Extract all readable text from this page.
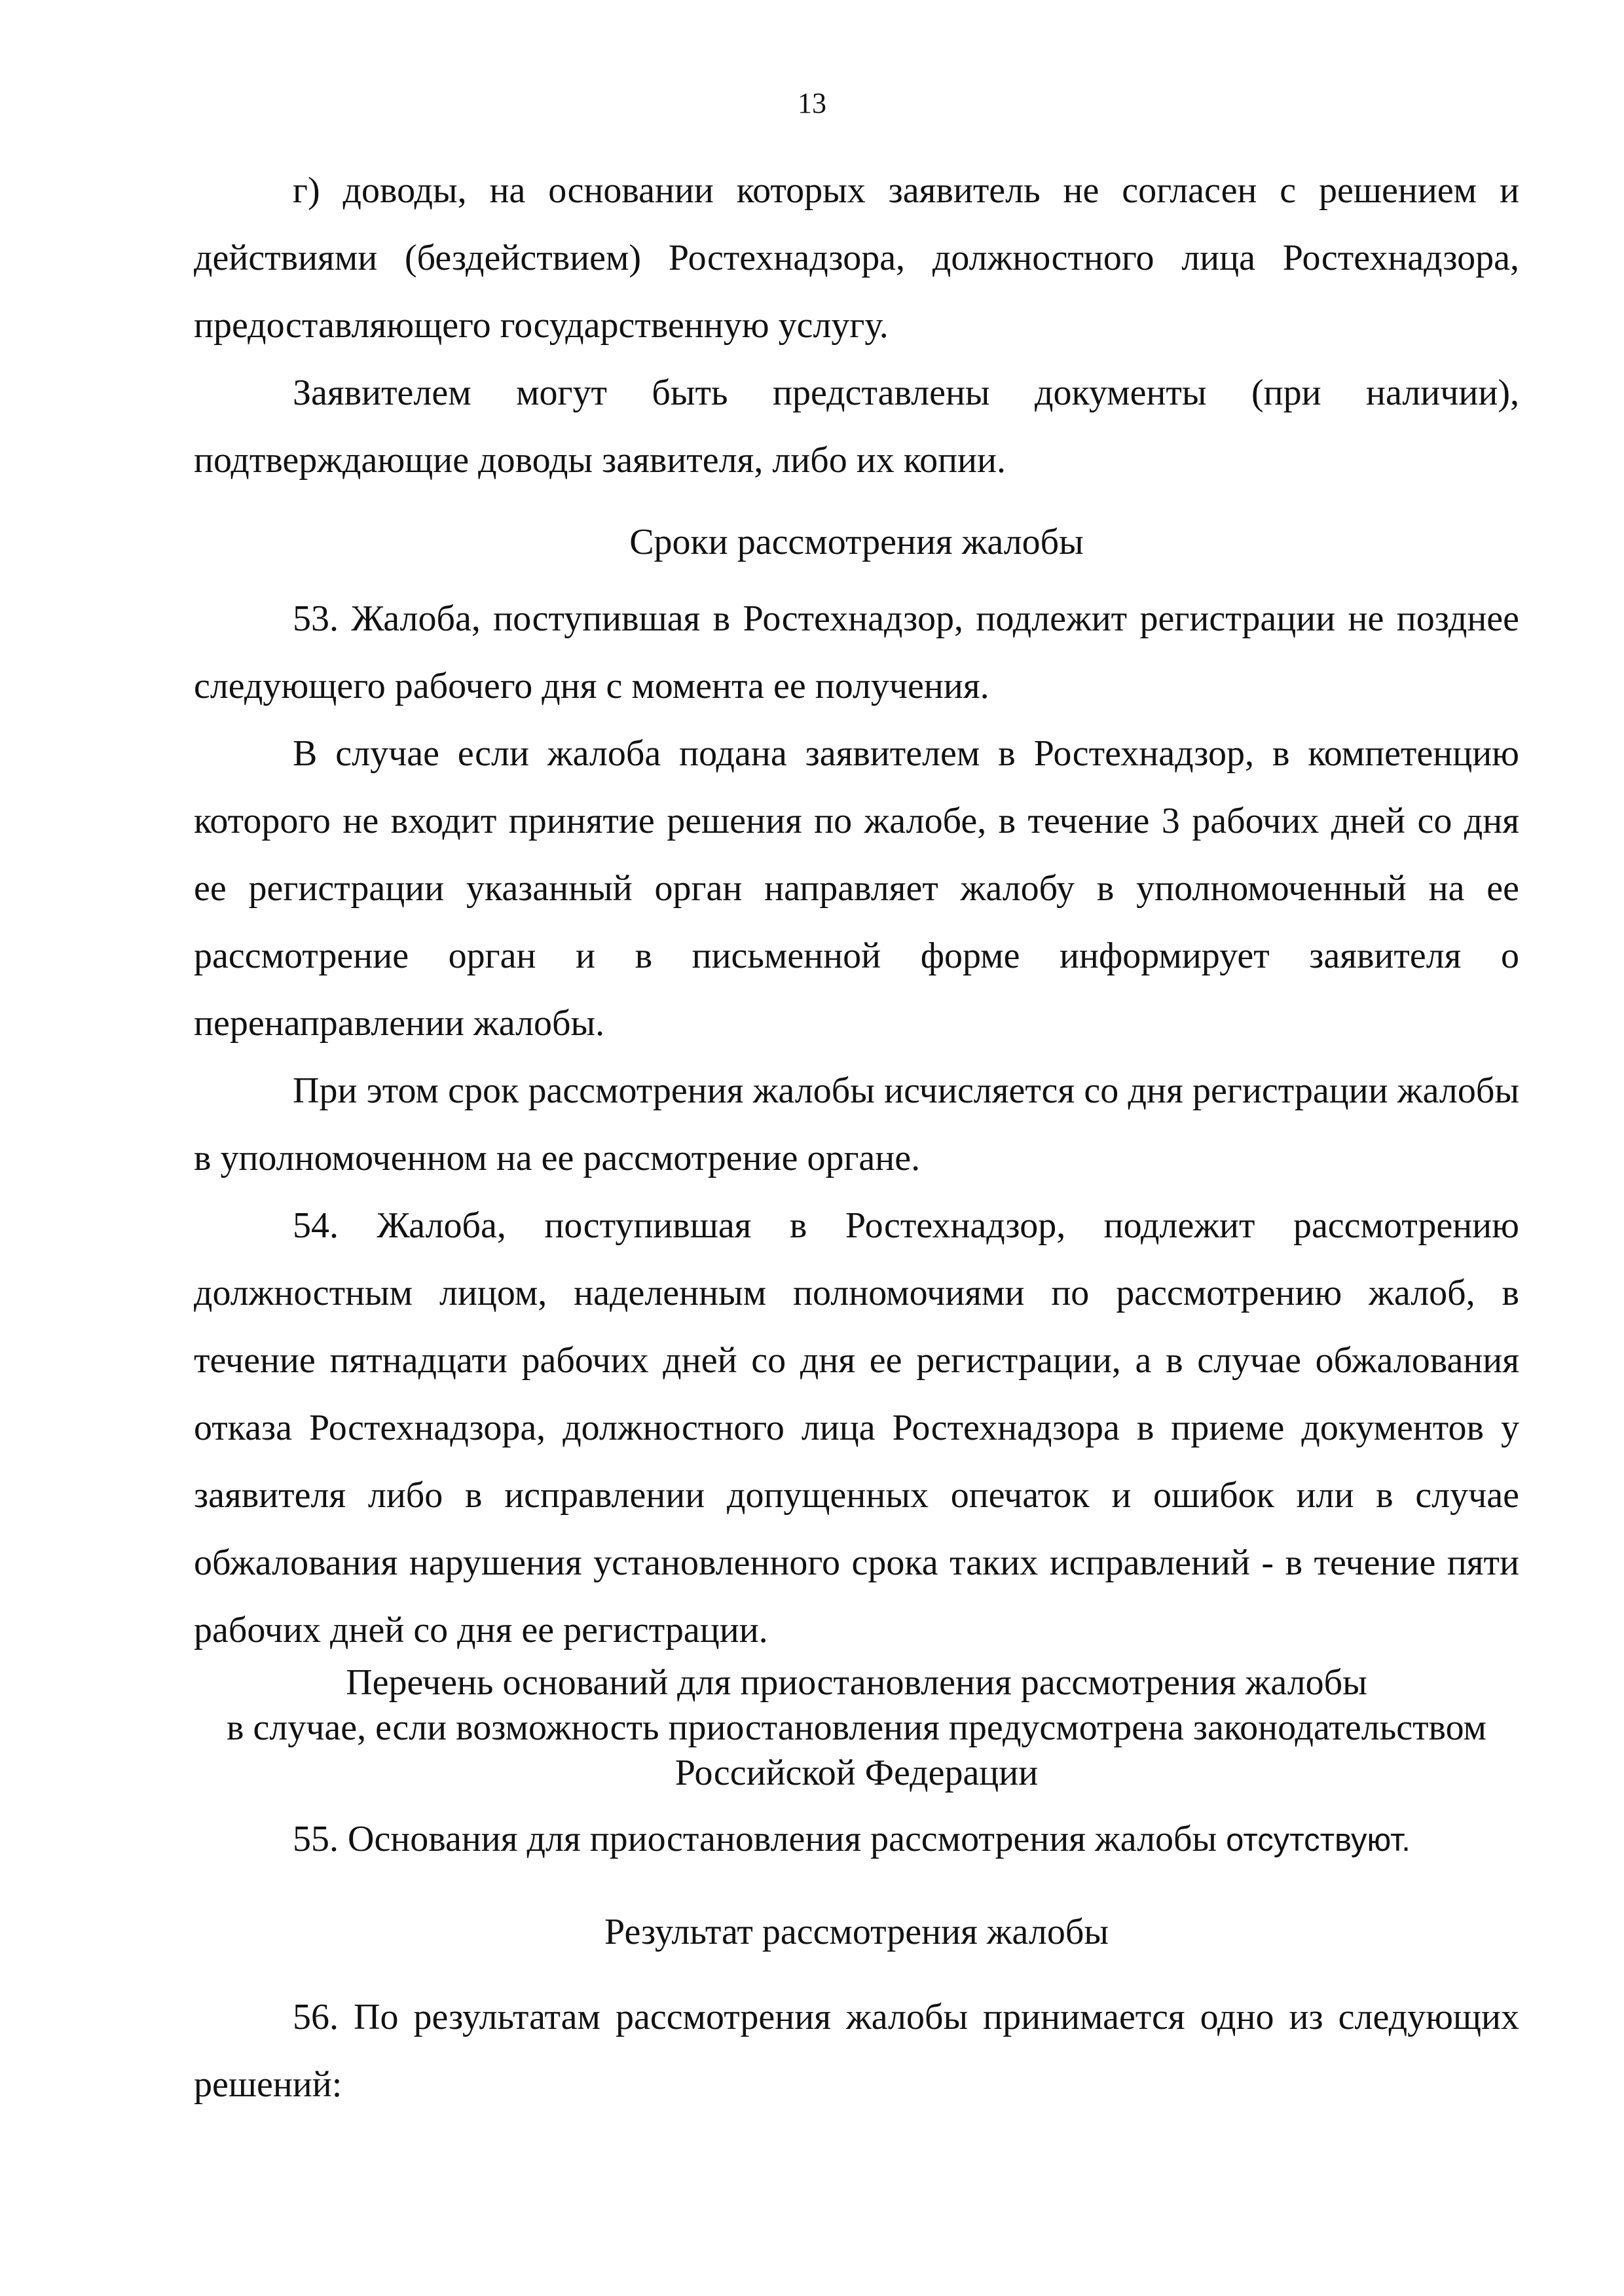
13

г) доводы, на основании которых заявитель не согласен с решением и действиями (бездействием) Ростехнадзора, должностного лица Ростехнадзора, предоставляющего государственную услугу.

Заявителем могут быть представлены документы (при наличии), подтверждающие доводы заявителя, либо их копии.

Сроки рассмотрения жалобы

53. Жалоба, поступившая в Ростехнадзор, подлежит регистрации не позднее следующего рабочего дня с момента ее получения.

В случае если жалоба подана заявителем в Ростехнадзор, в компетенцию которого не входит принятие решения по жалобе, в течение 3 рабочих дней со дня ее регистрации указанный орган направляет жалобу в уполномоченный на ее рассмотрение орган и в письменной форме информирует заявителя о перенаправлении жалобы.

При этом срок рассмотрения жалобы исчисляется со дня регистрации жалобы в уполномоченном на ее рассмотрение органе.

54. Жалоба, поступившая в Ростехнадзор, подлежит рассмотрению должностным лицом, наделенным полномочиями по рассмотрению жалоб, в течение пятнадцати рабочих дней со дня ее регистрации, а в случае обжалования отказа Ростехнадзора, должностного лица Ростехнадзора в приеме документов у заявителя либо в исправлении допущенных опечаток и ошибок или в случае обжалования нарушения установленного срока таких исправлений - в течение пяти рабочих дней со дня ее регистрации.

Перечень оснований для приостановления рассмотрения жалобы
в случае, если возможность приостановления предусмотрена законодательством
Российской Федерации

55. Основания для приостановления рассмотрения жалобы отсутствуют.

Результат рассмотрения жалобы

56. По результатам рассмотрения жалобы принимается одно из следующих решений:
